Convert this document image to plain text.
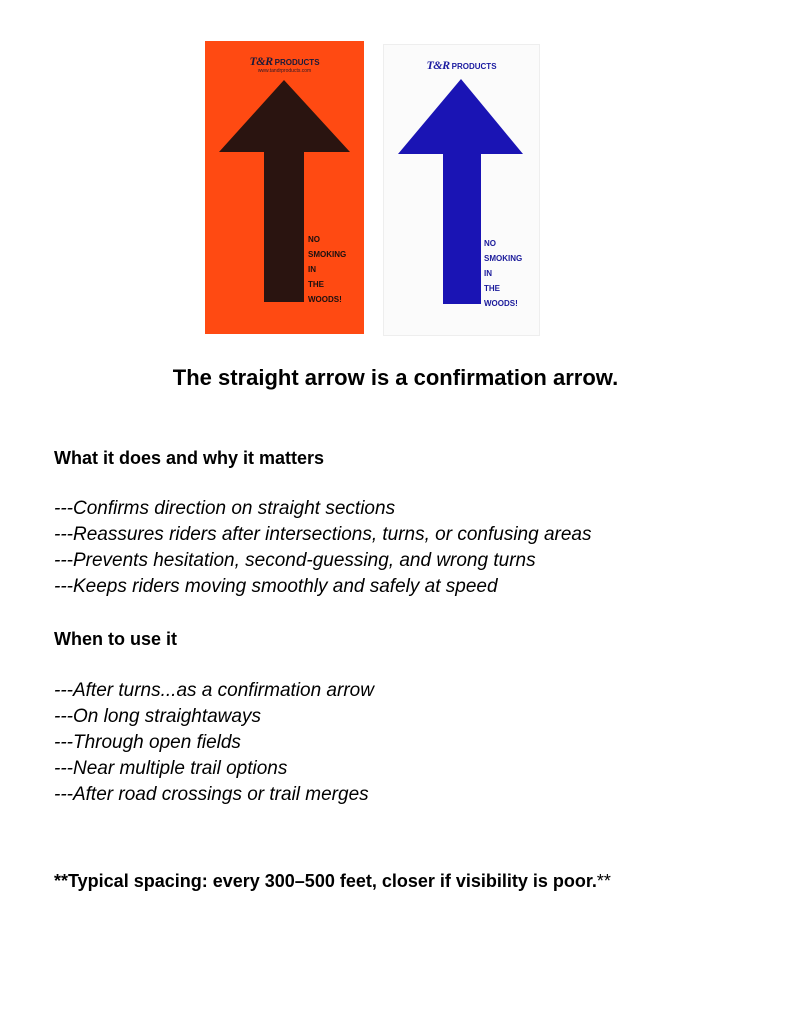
T&R PRODUCTS
www.tandrproducts.com
NO
SMOKING
IN
THE
WOODS!
T&R PRODUCTS
NO
SMOKING
IN
THE
WOODS!
The straight arrow is a confirmation arrow.
What it does and why it matters
---Confirms direction on straight sections
---Reassures riders after intersections, turns, or confusing areas
---Prevents hesitation, second-guessing, and wrong turns
---Keeps riders moving smoothly and safely at speed
When to use it
---After turns...as a confirmation arrow
---On long straightaways
---Through open fields
---Near multiple trail options
---After road crossings or trail merges

**Typical spacing: every 300–500 feet, closer if visibility is poor.**
